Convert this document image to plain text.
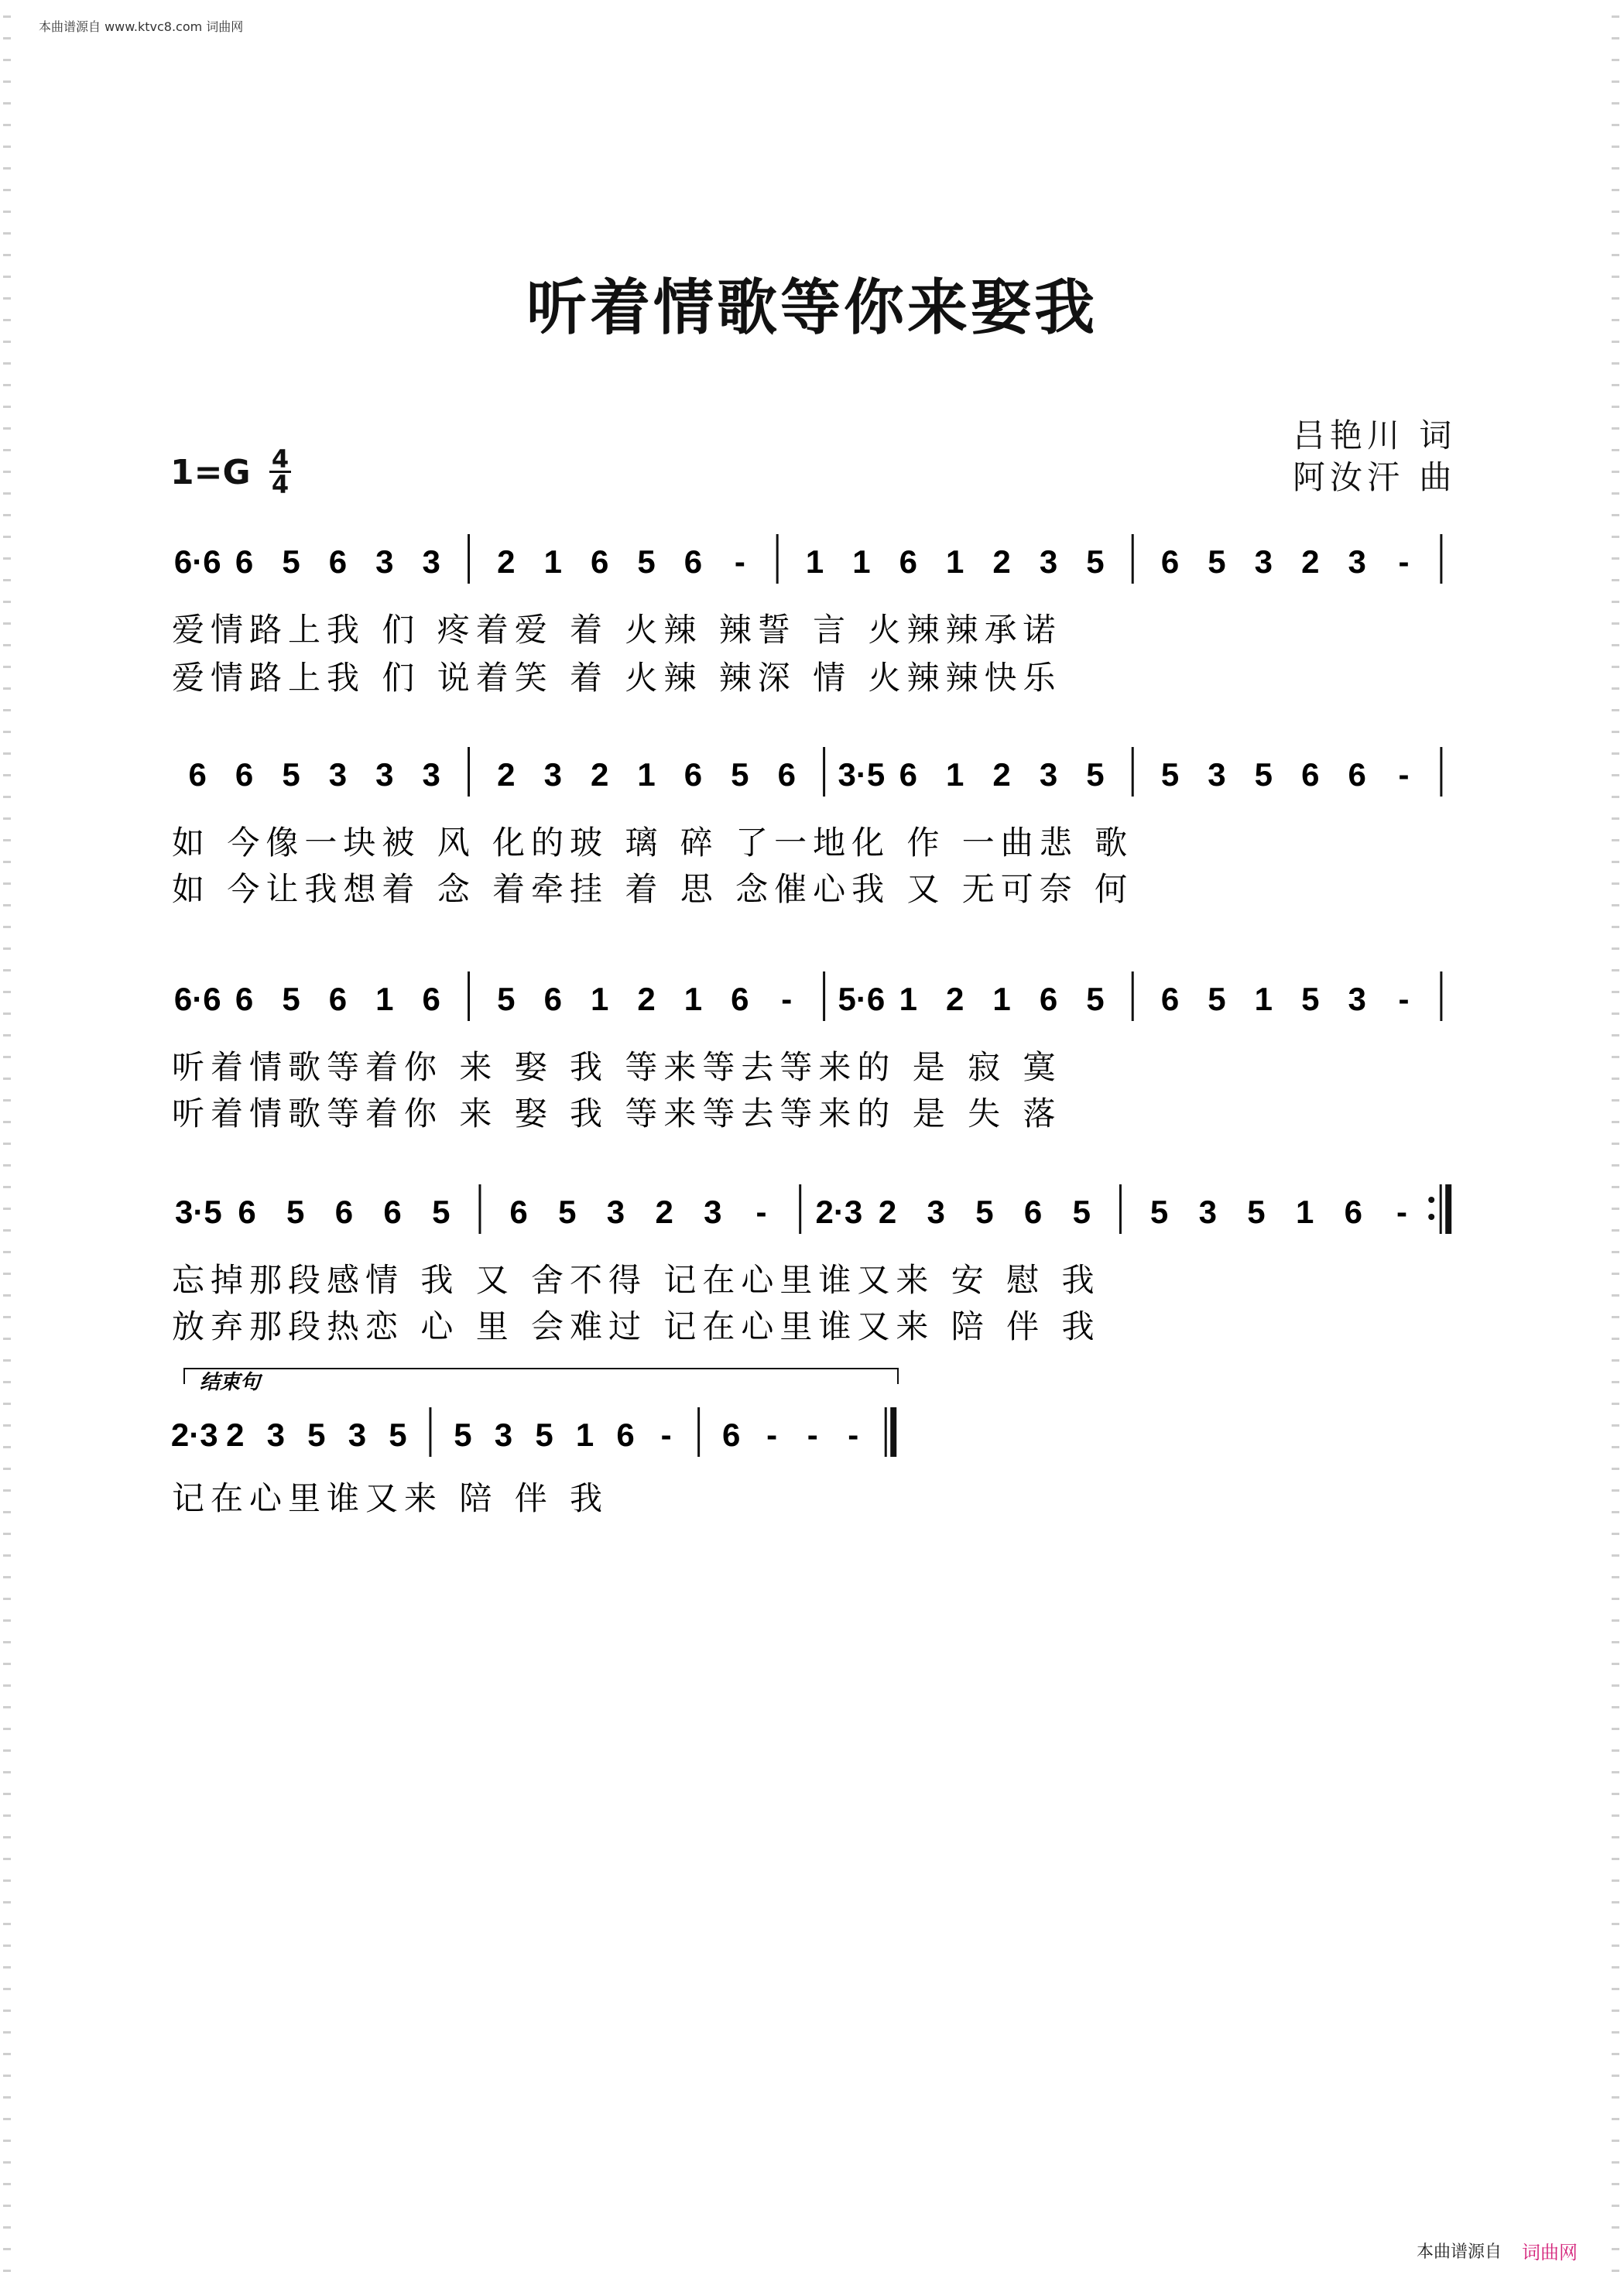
本曲谱源自 www.ktvc8.com 词曲网
听着情歌等你来娶我
吕艳川 词
阿汝汗 曲
1=G 4
4
6·6 6 5 6 3 3 2 1 6 5 6 - 1 1 6 1 2 3 5 6 5 3 2 3 -
爱情路上我 们 疼着爱 着 火辣 辣誓 言 火辣辣承诺
爱情路上我 们 说着笑 着 火辣 辣深 情 火辣辣快乐
6 6 5 3 3 3 2 3 2 1 6 5 6 3·5 6 1 2 3 5 5 3 5 6 6 -
如 今像一块被 风 化的玻 璃 碎 了一地化 作 一曲悲 歌
如 今让我想着 念 着牵挂 着 思 念催心我 又 无可奈 何
6·6 6 5 6 1 6 5 6 1 2 1 6 - 5·6 1 2 1 6 5 6 5 1 5 3 -
听着情歌等着你 来 娶 我 等来等去等来的 是 寂 寞
听着情歌等着你 来 娶 我 等来等去等来的 是 失 落
3·5 6 5 6 6 5 6 5 3 2 3 - 2·3 2 3 5 6 5 5 3 5 1 6 -
忘掉那段感情 我 又 舍不得 记在心里谁又来 安 慰 我
放弃那段热恋 心 里 会难过 记在心里谁又来 陪 伴 我
2·3 2 3 5 3 5 5 3 5 1 6 - 6 - - -
结束句
记在心里谁又来 陪 伴 我
本曲谱源自 词曲网
